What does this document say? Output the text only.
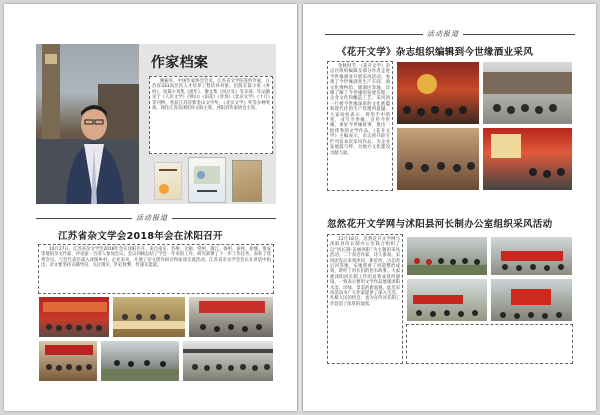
作家档案
姚振军，中国作家协会会员，江苏省文学院签约作家，江苏省333高层次人才培养工程培养对象。出版长篇小说《乡村》、短篇小说集《流年》、散文集《风过耳》等多部，作品散见于《人民文学》《钟山》《雨花》《青春》《北京文学》《十月》等刊物，曾获江苏省紫金山文学奖、《北京文学》奖等多种奖项。现任江苏省沭阳县文联主席、沭阳县作家协会主席。
活动报道
江苏省杂文学会2018年会在沭阳召开
10月27日，江苏省杂文学会2018年会在沭阳召开。来自南京、苏州、无锡、常州、镇江、扬州、泰州、盐城、淮安等地的杂文作家、评论家一百余人参加会议。会议回顾总结了学会一年来的工作，研究部署了下一步工作任务，表彰了优秀会员。与会代表还深入沭阳乡村、企业采风，开展了杂文创作研讨和座谈交流活动。江苏省杂文学会会长在讲话中指出，杂文要坚持正确导向，关注现实，针砭时弊，传递正能量。
活动报道
《花开文学》杂志组织编辑到今世缘酒业采风
金秋时节，《花开文学》杂志社组织编辑及部分作者走进今世缘酒业开展采风活动。参观了今世缘酒业生产车间、酒文化博物馆、储酒区等地，详细了解了今世缘的发展历程、企业文化和酿造工艺。采风团一行被今世缘深厚的文化底蕴和现代化的生产管理所震撼。大家纷纷表示，将用手中的笔，书写今世缘，宣传今世缘，讲好今世缘故事，推出一批优秀的文学作品。《花开文学》主编表示，杂志将开辟专栏刊发本次采风作品，为企业发展鼓与呼，为地方文化建设贡献力量。
忽然花开文学网与沭阳县河长制办公室组织采风活动
11月18日，忽然花开文学网与沭阳县河长制办公室联合组织了以“河长制·美丽沭阳”为主题的采风活动。二十余名作家、诗人参加。采风团先后来到沭河、新沂河、古泊善后河等地，实地察看了河道整治成效，聆听了河长们的治水故事。大家被沭阳河长制工作的显著成效所感染，一致表示要用文学作品展现沭阳水美、岸绿、景美的新面貌。此次采风活动为广大作家提供了深入生活、扎根人民的机会，也为宣传河长制工作营造了浓厚的氛围。
